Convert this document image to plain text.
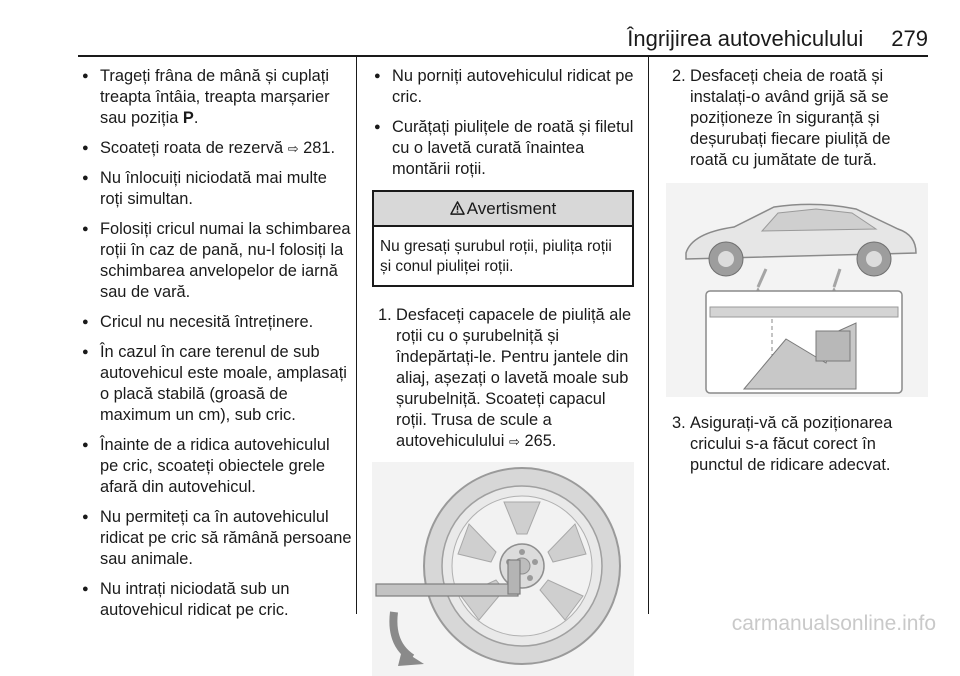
Îngrijirea autovehiculului 279
● Trageți frâna de mână și cuplați treapta întâia, treapta marșarier sau poziția P.
● Scoateți roata de rezervă ⇨ 281.
● Nu înlocuiți niciodată mai multe roți simultan.
● Folosiți cricul numai la schimbarea roții în caz de pană, nu-l folosiți la schimbarea anvelopelor de iarnă sau de vară.
● Cricul nu necesită întreținere.
● În cazul în care terenul de sub autovehicul este moale, amplasați o placă stabilă (groasă de maximum un cm), sub cric.
● Înainte de a ridica autovehiculul pe cric, scoateți obiectele grele afară din autovehicul.
● Nu permiteți ca în autovehiculul ridicat pe cric să rămână persoane sau animale.
● Nu intrați niciodată sub un autovehicul ridicat pe cric.
● Nu porniți autovehiculul ridicat pe cric.
● Curățați piulițele de roată și filetul cu o lavetă curată înaintea montării roții.
Avertisment
Nu gresați șurubul roții, piulița roții și conul piuliței roții.
1. Desfaceți capacele de piuliță ale roții cu o șurubelniță și îndepărtați-le. Pentru jantele din aliaj, așezați o lavetă moale sub șurubelniță. Scoateți capacul roții. Trusa de scule a autovehiculului ⇨ 265.
2. Desfaceți cheia de roată și instalați-o având grijă să se poziționeze în siguranță și deșurubați fiecare piuliță de roată cu jumătate de tură.
3. Asigurați-vă că poziționarea cricului s-a făcut corect în punctul de ridicare adecvat.
carmanualsonline.info
